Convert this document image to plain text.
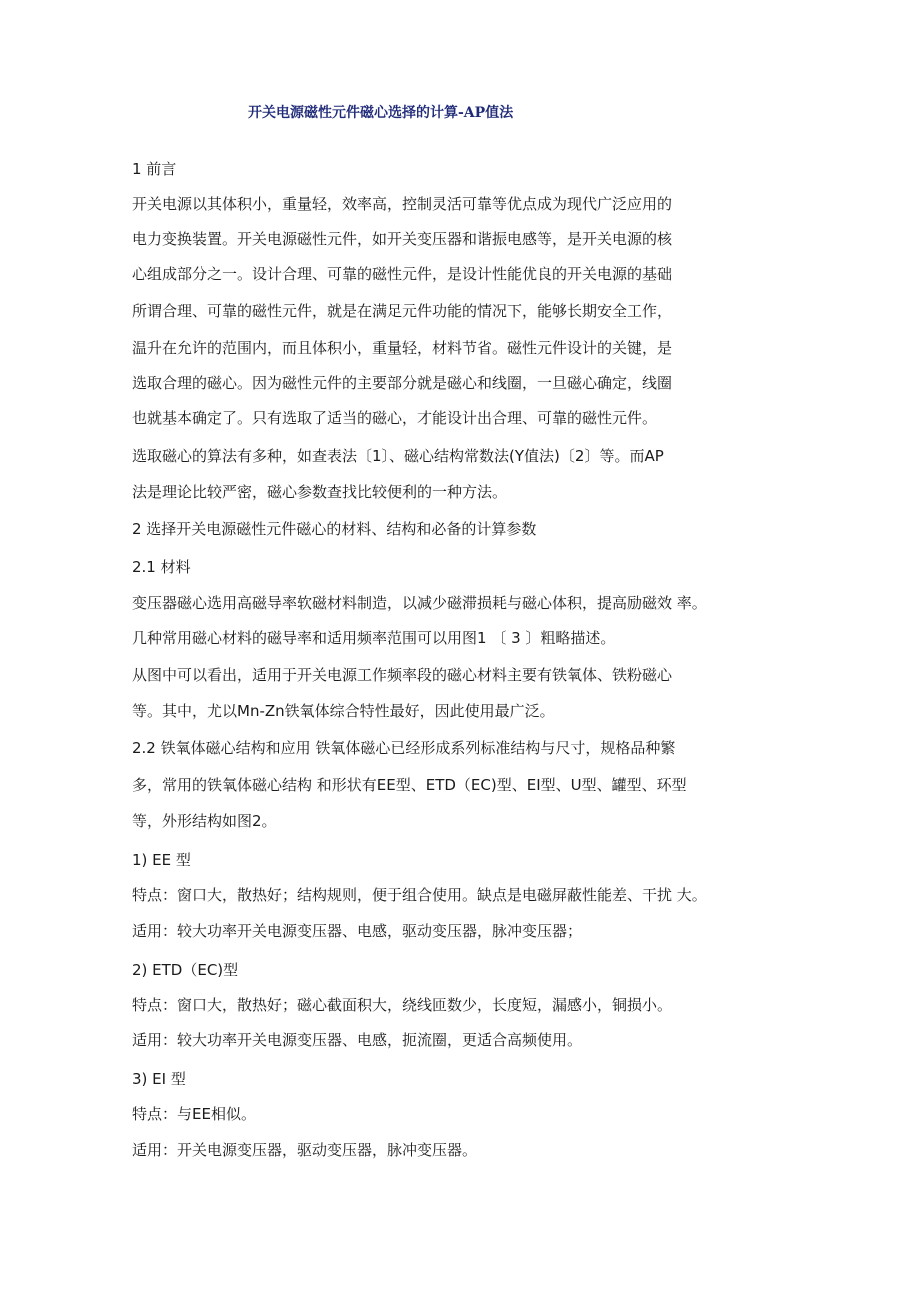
开关电源磁性元件磁心选择的计算-AP值法
1 前言
开关电源以其体积小，重量轻，效率高，控制灵活可靠等优点成为现代广泛应用的
电力变换装置。开关电源磁性元件，如开关变压器和谐振电感等，是开关电源的核
心组成部分之一。设计合理、可靠的磁性元件，是设计性能优良的开关电源的基础
所谓合理、可靠的磁性元件，就是在满足元件功能的情况下，能够长期安全工作，
温升在允许的范围内，而且体积小，重量轻，材料节省。磁性元件设计的关键，是
选取合理的磁心。因为磁性元件的主要部分就是磁心和线圈，一旦磁心确定，线圈
也就基本确定了。只有选取了适当的磁心，才能设计出合理、可靠的磁性元件。
选取磁心的算法有多种，如查表法〔1〕、磁心结构常数法(Y值法)〔2〕等。而AP
法是理论比较严密，磁心参数查找比较便利的一种方法。
2 选择开关电源磁性元件磁心的材料、结构和必备的计算参数
2.1 材料
变压器磁心选用高磁导率软磁材料制造，以减少磁滞损耗与磁心体积，提高励磁效 率。
几种常用磁心材料的磁导率和适用频率范围可以用图1 〔 3 〕粗略描述。
从图中可以看出，适用于开关电源工作频率段的磁心材料主要有铁氧体、铁粉磁心
等。其中，尤以Mn-Zn铁氧体综合特性最好，因此使用最广泛。
2.2 铁氧体磁心结构和应用 铁氧体磁心已经形成系列标准结构与尺寸，规格品种繁
多，常用的铁氧体磁心结构 和形状有EE型、ETD（EC)型、EI型、U型、罐型、环型
等，外形结构如图2。
1) EE 型
特点：窗口大，散热好；结构规则，便于组合使用。缺点是电磁屏蔽性能差、干扰 大。
适用：较大功率开关电源变压器、电感，驱动变压器，脉冲变压器；
2) ETD（EC)型
特点：窗口大，散热好；磁心截面积大，绕线匝数少，长度短，漏感小，铜损小。
适用：较大功率开关电源变压器、电感，扼流圈，更适合高频使用。
3) EI 型
特点：与EE相似。
适用：开关电源变压器，驱动变压器，脉冲变压器。
